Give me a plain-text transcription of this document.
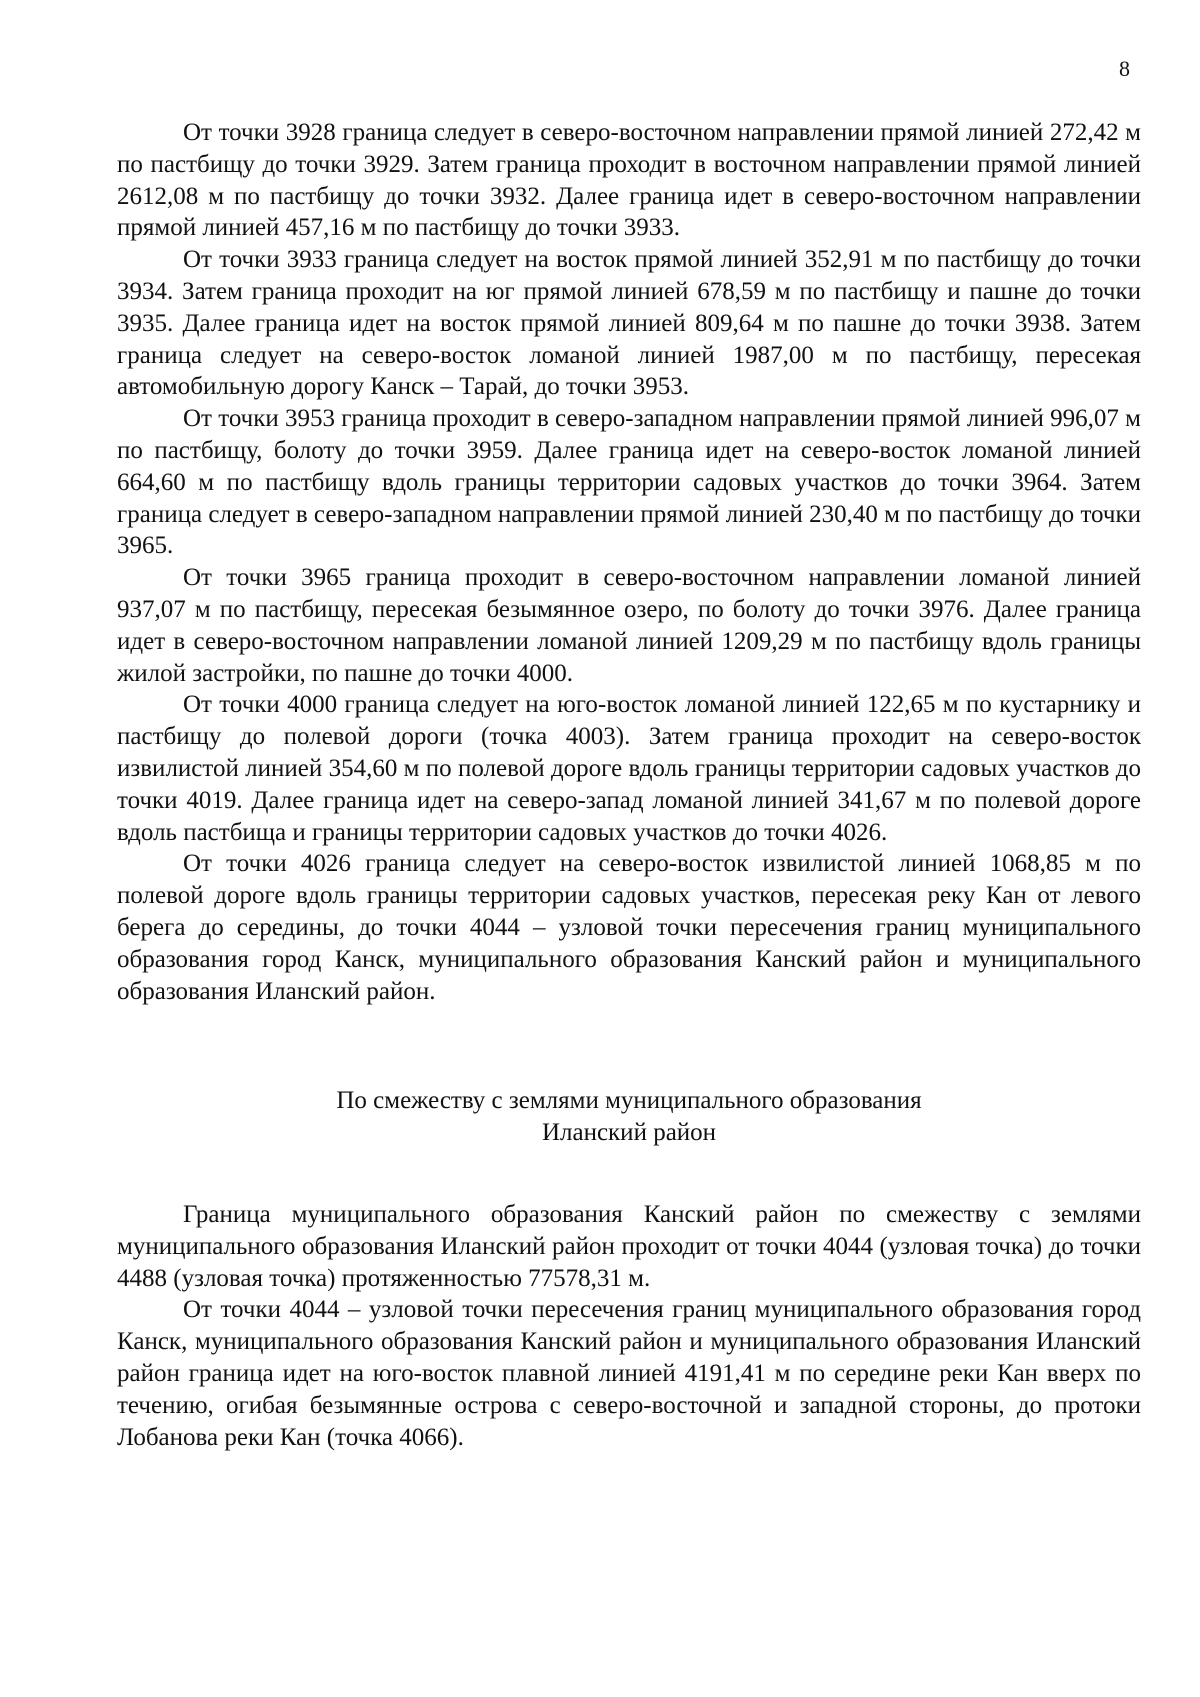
8

От точки 3928 граница следует в северо-восточном направлении прямой линией 272,42 м по пастбищу до точки 3929. Затем граница проходит в восточном направлении прямой линией 2612,08 м по пастбищу до точки 3932. Далее граница идет в северо-восточном направлении прямой линией 457,16 м по пастбищу до точки 3933.

От точки 3933 граница следует на восток прямой линией 352,91 м по пастбищу до точки 3934. Затем граница проходит на юг прямой линией 678,59 м по пастбищу и пашне до точки 3935. Далее граница идет на восток прямой линией 809,64 м по пашне до точки 3938. Затем граница следует на северо-восток ломаной линией 1987,00 м по пастбищу, пересекая автомобильную дорогу Канск – Тарай, до точки 3953.

От точки 3953 граница проходит в северо-западном направлении прямой линией 996,07 м по пастбищу, болоту до точки 3959. Далее граница идет на северо-восток ломаной линией 664,60 м по пастбищу вдоль границы территории садовых участков до точки 3964. Затем граница следует в северо-западном направлении прямой линией 230,40 м по пастбищу до точки 3965.

От точки 3965 граница проходит в северо-восточном направлении ломаной линией 937,07 м по пастбищу, пересекая безымянное озеро, по болоту до точки 3976. Далее граница идет в северо-восточном направлении ломаной линией 1209,29 м по пастбищу вдоль границы жилой застройки, по пашне до точки 4000.

От точки 4000 граница следует на юго-восток ломаной линией 122,65 м по кустарнику и пастбищу до полевой дороги (точка 4003). Затем граница проходит на северо-восток извилистой линией 354,60 м по полевой дороге вдоль границы территории садовых участков до точки 4019. Далее граница идет на северо-запад ломаной линией 341,67 м по полевой дороге вдоль пастбища и границы территории садовых участков до точки 4026.

От точки 4026 граница следует на северо-восток извилистой линией 1068,85 м по полевой дороге вдоль границы территории садовых участков, пересекая реку Кан от левого берега до середины, до точки 4044 – узловой точки пересечения границ муниципального образования город Канск, муниципального образования Канский район и муниципального образования Иланский район.

По смежеству с землями муниципального образования
Иланский район

Граница муниципального образования Канский район по смежеству с землями муниципального образования Иланский район проходит от точки 4044 (узловая точка) до точки 4488 (узловая точка) протяженностью 77578,31 м.

От точки 4044 – узловой точки пересечения границ муниципального образования город Канск, муниципального образования Канский район и муниципального образования Иланский район граница идет на юго-восток плавной линией 4191,41 м по середине реки Кан вверх по течению, огибая безымянные острова с северо-восточной и западной стороны, до протоки Лобанова реки Кан (точка 4066).
